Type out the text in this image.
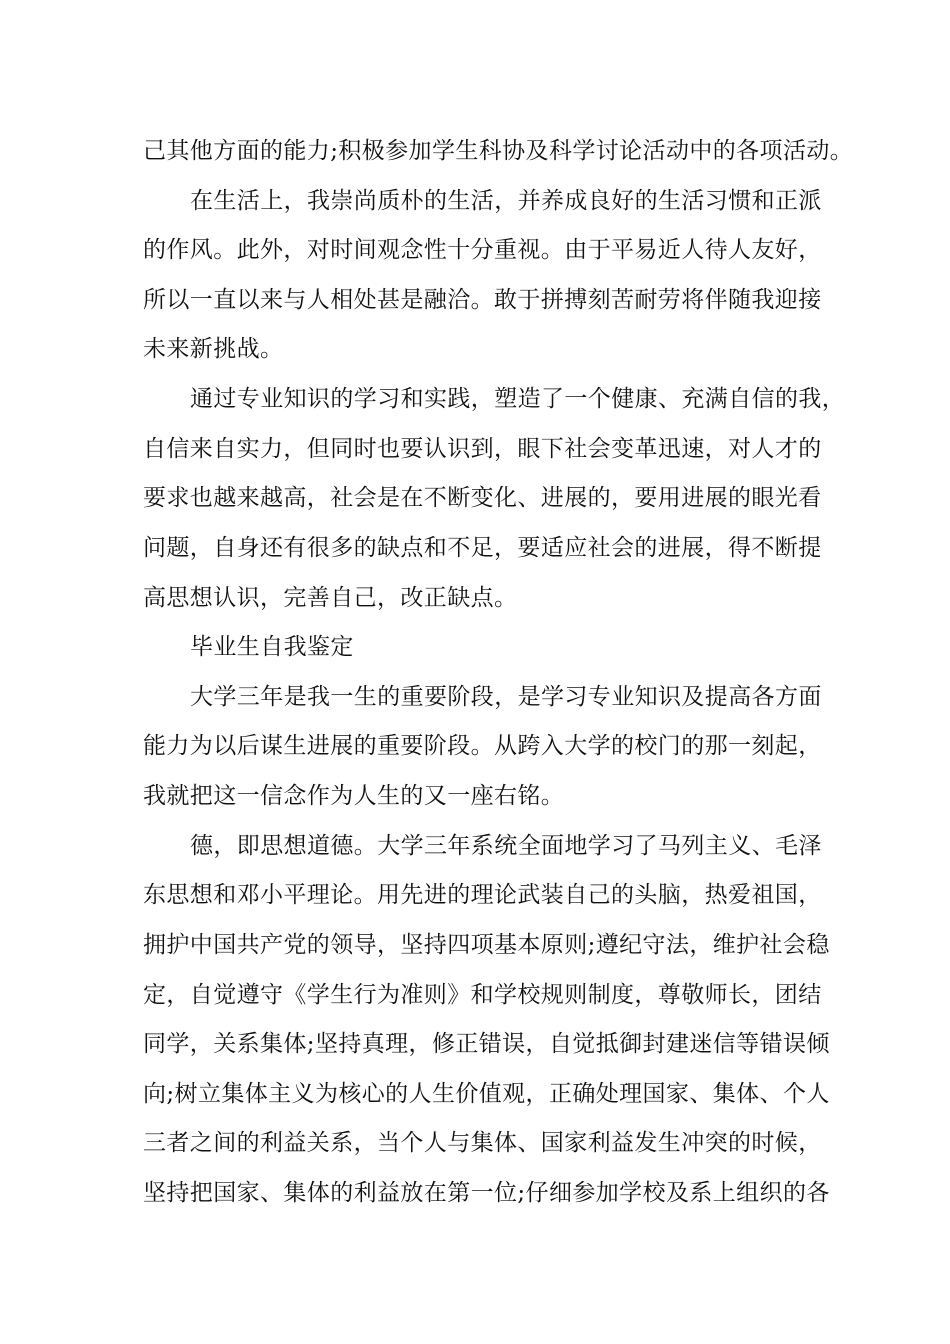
己其他方面的能力;积极参加学生科协及科学讨论活动中的各项活动。
在生活上，我崇尚质朴的生活，并养成良好的生活习惯和正派
的作风。此外，对时间观念性十分重视。由于平易近人待人友好，
所以一直以来与人相处甚是融洽。敢于拼搏刻苦耐劳将伴随我迎接
未来新挑战。
通过专业知识的学习和实践，塑造了一个健康、充满自信的我，
自信来自实力，但同时也要认识到，眼下社会变革迅速，对人才的
要求也越来越高，社会是在不断变化、进展的，要用进展的眼光看
问题，自身还有很多的缺点和不足，要适应社会的进展，得不断提
高思想认识，完善自己，改正缺点。
毕业生自我鉴定
大学三年是我一生的重要阶段，是学习专业知识及提高各方面
能力为以后谋生进展的重要阶段。从跨入大学的校门的那一刻起，
我就把这一信念作为人生的又一座右铭。
德，即思想道德。大学三年系统全面地学习了马列主义、毛泽
东思想和邓小平理论。用先进的理论武装自己的头脑，热爱祖国，
拥护中国共产党的领导，坚持四项基本原则;遵纪守法，维护社会稳
定，自觉遵守《学生行为准则》和学校规则制度，尊敬师长，团结
同学，关系集体;坚持真理，修正错误，自觉抵御封建迷信等错误倾
向;树立集体主义为核心的人生价值观，正确处理国家、集体、个人
三者之间的利益关系，当个人与集体、国家利益发生冲突的时候，
坚持把国家、集体的利益放在第一位;仔细参加学校及系上组织的各
